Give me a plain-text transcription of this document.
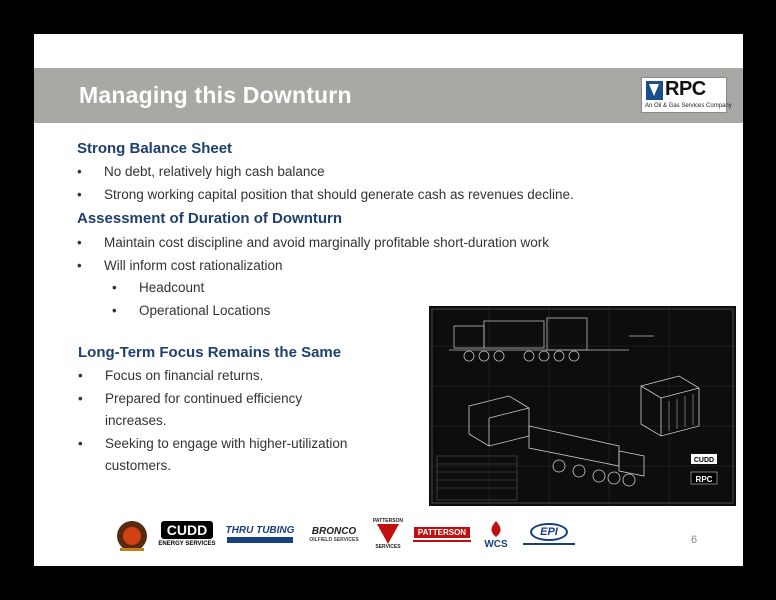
Managing this Downturn	RPC
An Oil & Gas Services Company
Strong Balance Sheet
• No debt, relatively high cash balance
• Strong working capital position that should generate cash as revenues decline.
Assessment of Duration of Downturn
• Maintain cost discipline and avoid marginally profitable short-duration work
• Will inform cost rationalization
• Headcount
• Operational Locations
Long-Term Focus Remains the Same
• Focus on financial returns.
• Prepared for continued efficiency
increases.
• Seeking to engage with higher-utilization
customers.	CUDD
RPC
CUDD
ENERGY SERVICES
THRU TUBING BRONCO
OILFIELD SERVICES
PATTERSON
SERVICES
PATTERSON
WCS
EPI
6
